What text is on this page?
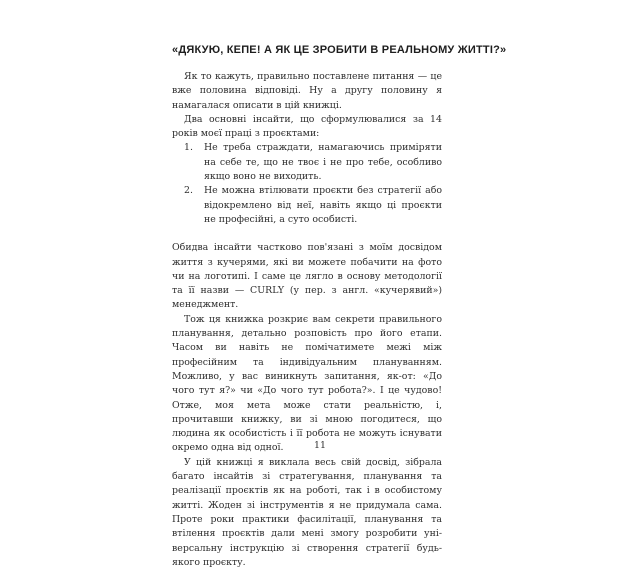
«ДЯКУЮ, КЕПЕ! А ЯК ЦЕ ЗРОБИТИ В РЕАЛЬНОМУ ЖИТТІ?»

Як то кажуть, правильно поставлене питання — це вже половина відповіді. Ну а другу половину я намагалася описати в цій книжці.

Два основні інсайти, що сформулювалися за 14 років моєї праці з проєктами:

1.	Не треба страждати, намагаючись приміряти на себе те, що не твоє і не про тебе, особливо якщо воно не виходить.
2.	Не можна втілювати проєкти без стратегії або відокремлено від неї, навіть якщо ці проєкти не професійні, а суто особисті.

Обидва інсайти частково пов'язані з моїм досвідом життя з кучерями, які ви можете побачити на фото чи на логотипі. І саме це лягло в основу методології та її назви — CURLY (у пер. з англ. «кучерявий») менеджмент.

Тож ця книжка розкриє вам секрети правильного планування, детально розповість про його етапи. Часом ви навіть не помічатимете межі між професійним та індивідуальним плануванням. Можливо, у вас виникнуть запитання, як-от: «До чого тут я?» чи «До чого тут робота?». І це чудово! Отже, моя мета може стати реальністю, і, прочитавши книжку, ви зі мною погодитеся, що людина як особистість і її робота не можуть існувати окремо одна від одної.

У цій книжці я виклала весь свій досвід, зібрала багато інсайтів зі стратегування, планування та реалізації проєктів як на роботі, так і в особистому житті. Жоден зі інструментів я не придумала сама. Проте роки практики фасилітації, планування та втілення проєктів дали мені змогу розробити універсальну інструкцію зі створення стратегії будь-якого проєкту.

11
